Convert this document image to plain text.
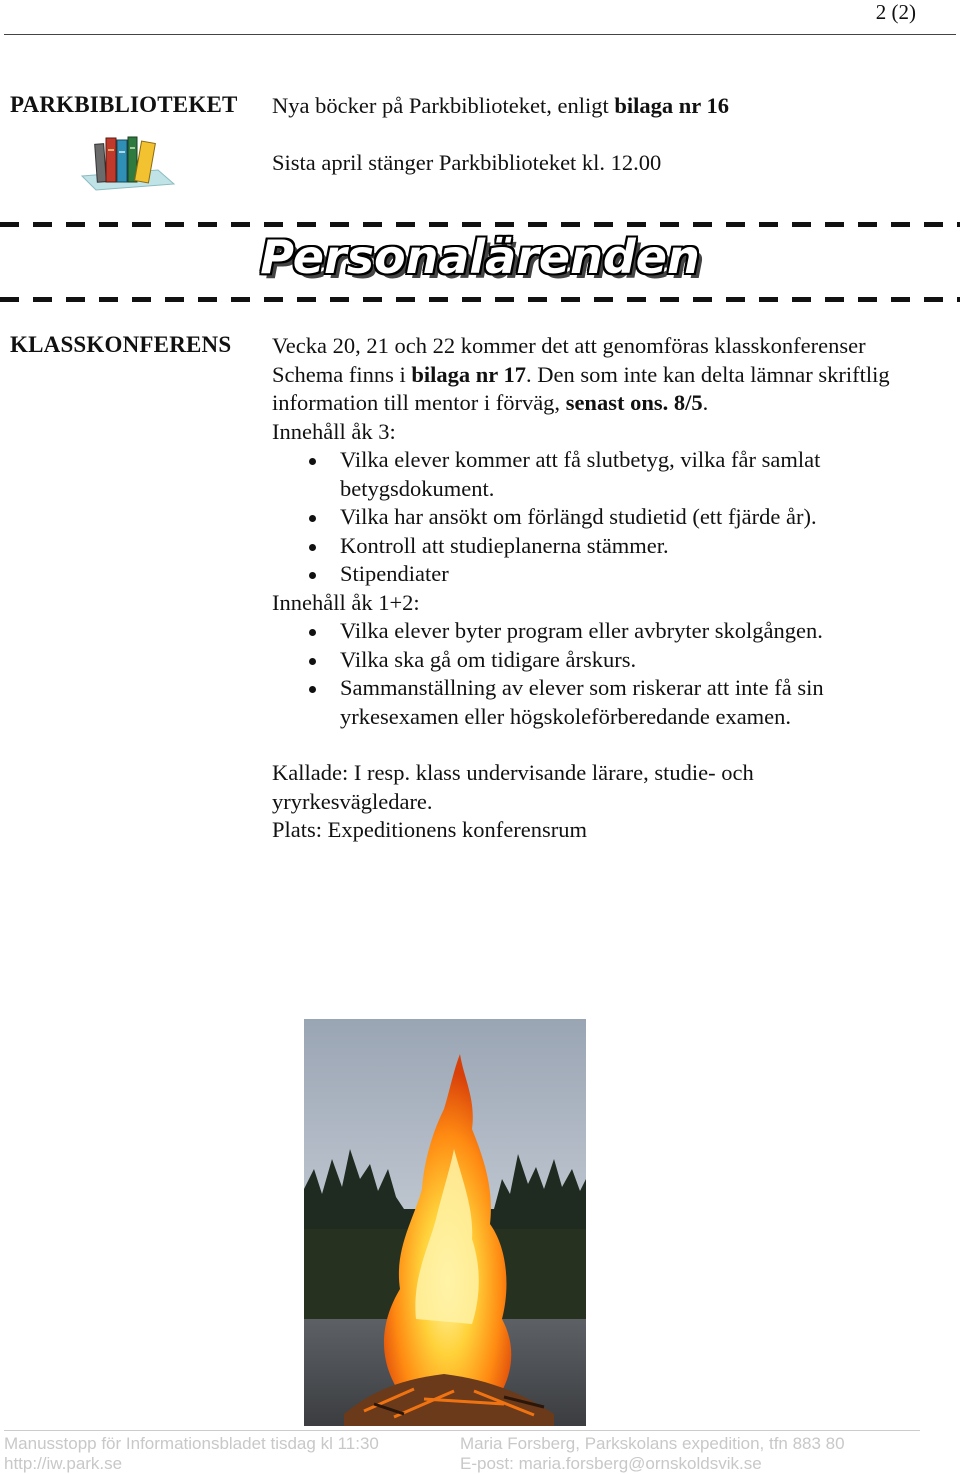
2 (2)
PARKBIBLIOTEKET Nya böcker på Parkbiblioteket, enligt bilaga nr 16
Sista april stänger Parkbiblioteket kl. 12.00
Personalärenden
KLASSKONFERENS Vecka 20, 21 och 22 kommer det att genomföras klasskonferenser

Schema finns i bilaga nr 17. Den som inte kan delta lämnar skriftlig

information till mentor i förväg, senast ons. 8/5.

Innehåll åk 3:

Vilka elever kommer att få slutbetyg, vilka får samlat betygsdokument.
Vilka har ansökt om förlängd studietid (ett fjärde år).
Kontroll att studieplanerna stämmer.
Stipendiater

Innehåll åk 1+2:

Vilka elever byter program eller avbryter skolgången.
Vilka ska gå om tidigare årskurs.
Sammanställning av elever som riskerar att inte få sin yrkesexamen eller högskoleförberedande examen.

Kallade: I resp. klass undervisande lärare, studie- och yryrkesvägledare.

Plats: Expeditionens konferensrum

Manusstopp för Informationsbladet tisdag kl 11:30
http://iw.park.se
Maria Forsberg, Parkskolans expedition, tfn 883 80
E-post: maria.forsberg@ornskoldsvik.se
